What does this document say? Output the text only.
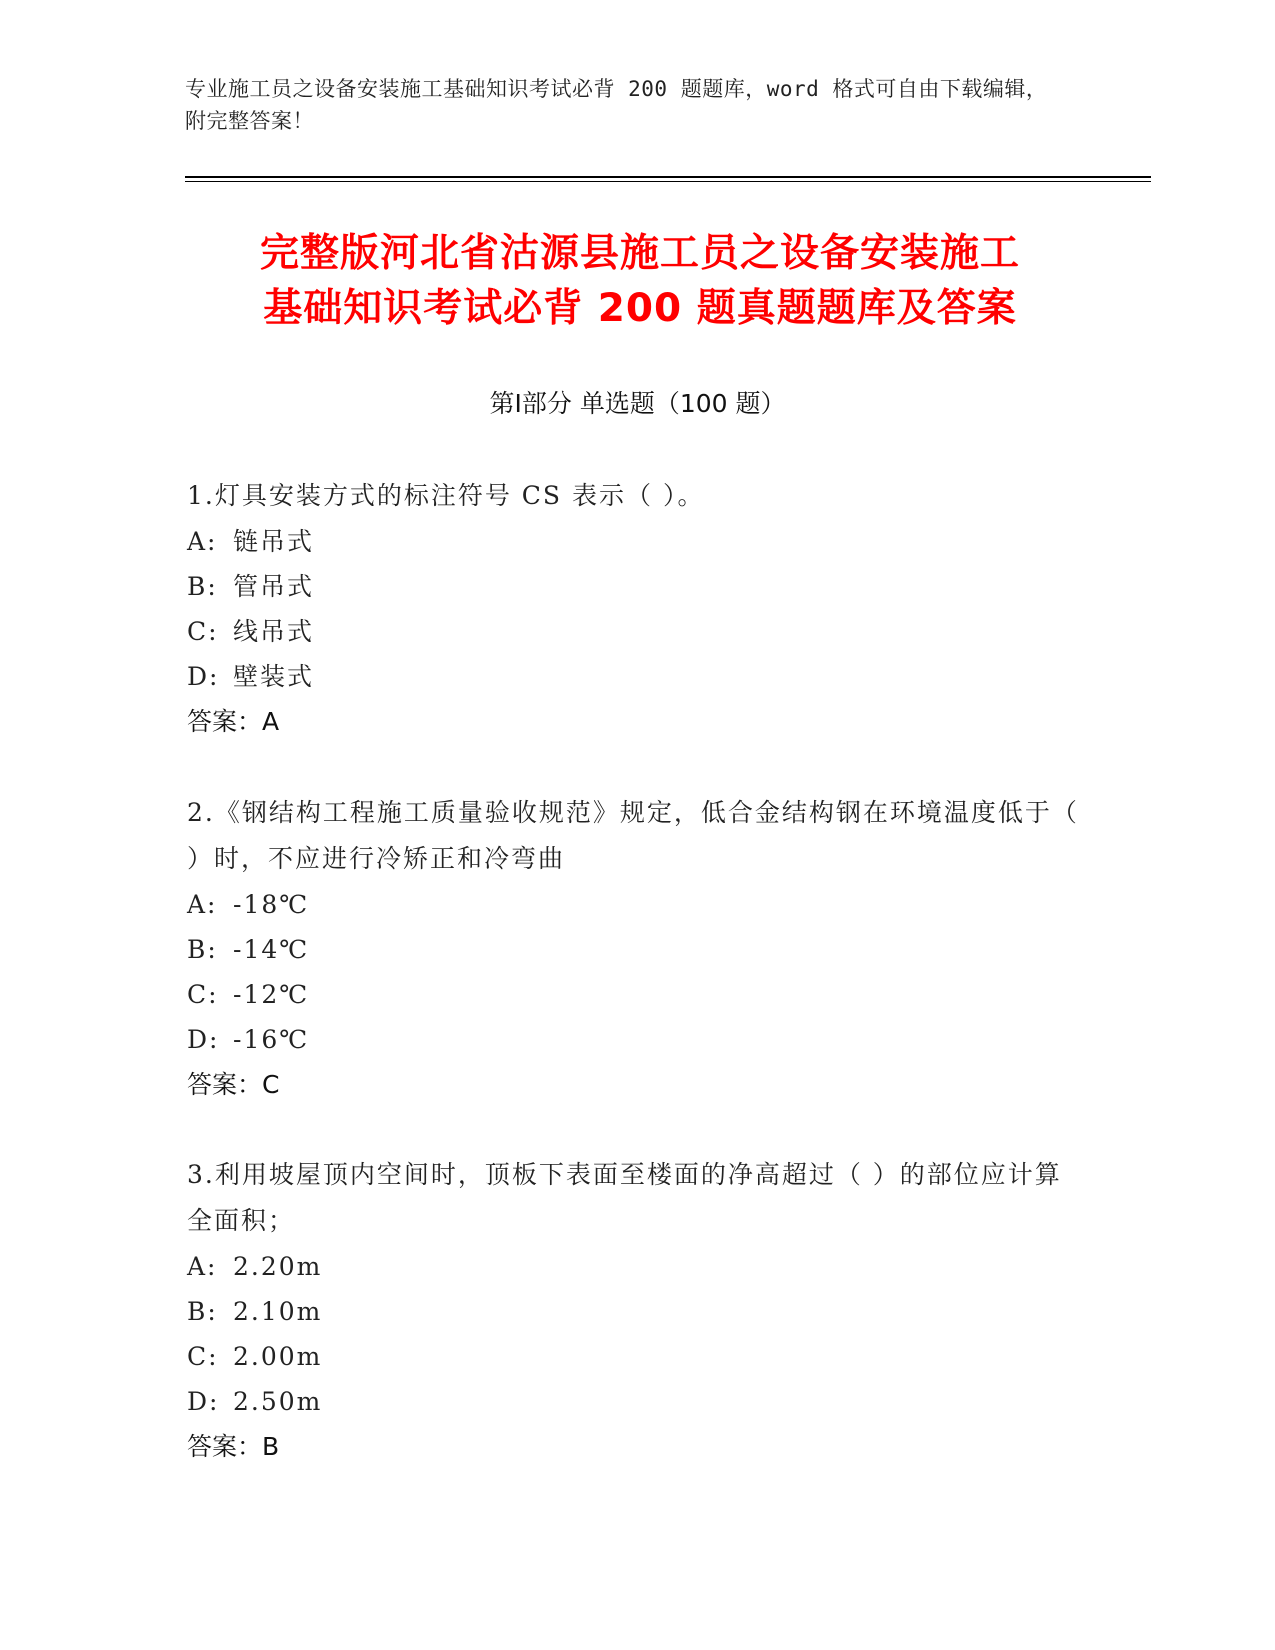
专业施工员之设备安装施工基础知识考试必背 200 题题库，word 格式可自由下载编辑，附完整答案！
完整版河北省沽源县施工员之设备安装施工
基础知识考试必背 200 题真题题库及答案
第Ⅰ部分 单选题（100 题）
1.灯具安装方式的标注符号 CS 表示（ ）。
A: 链吊式
B: 管吊式
C: 线吊式
D: 壁装式
答案：A
2.《钢结构工程施工质量验收规范》规定，低合金结构钢在环境温度低于（ ）时，不应进行冷矫正和冷弯曲
A: -18℃
B: -14℃
C: -12℃
D: -16℃
答案：C
3.利用坡屋顶内空间时，顶板下表面至楼面的净高超过（ ）的部位应计算全面积；
A: 2.20m
B: 2.10m
C: 2.00m
D: 2.50m
答案：B
